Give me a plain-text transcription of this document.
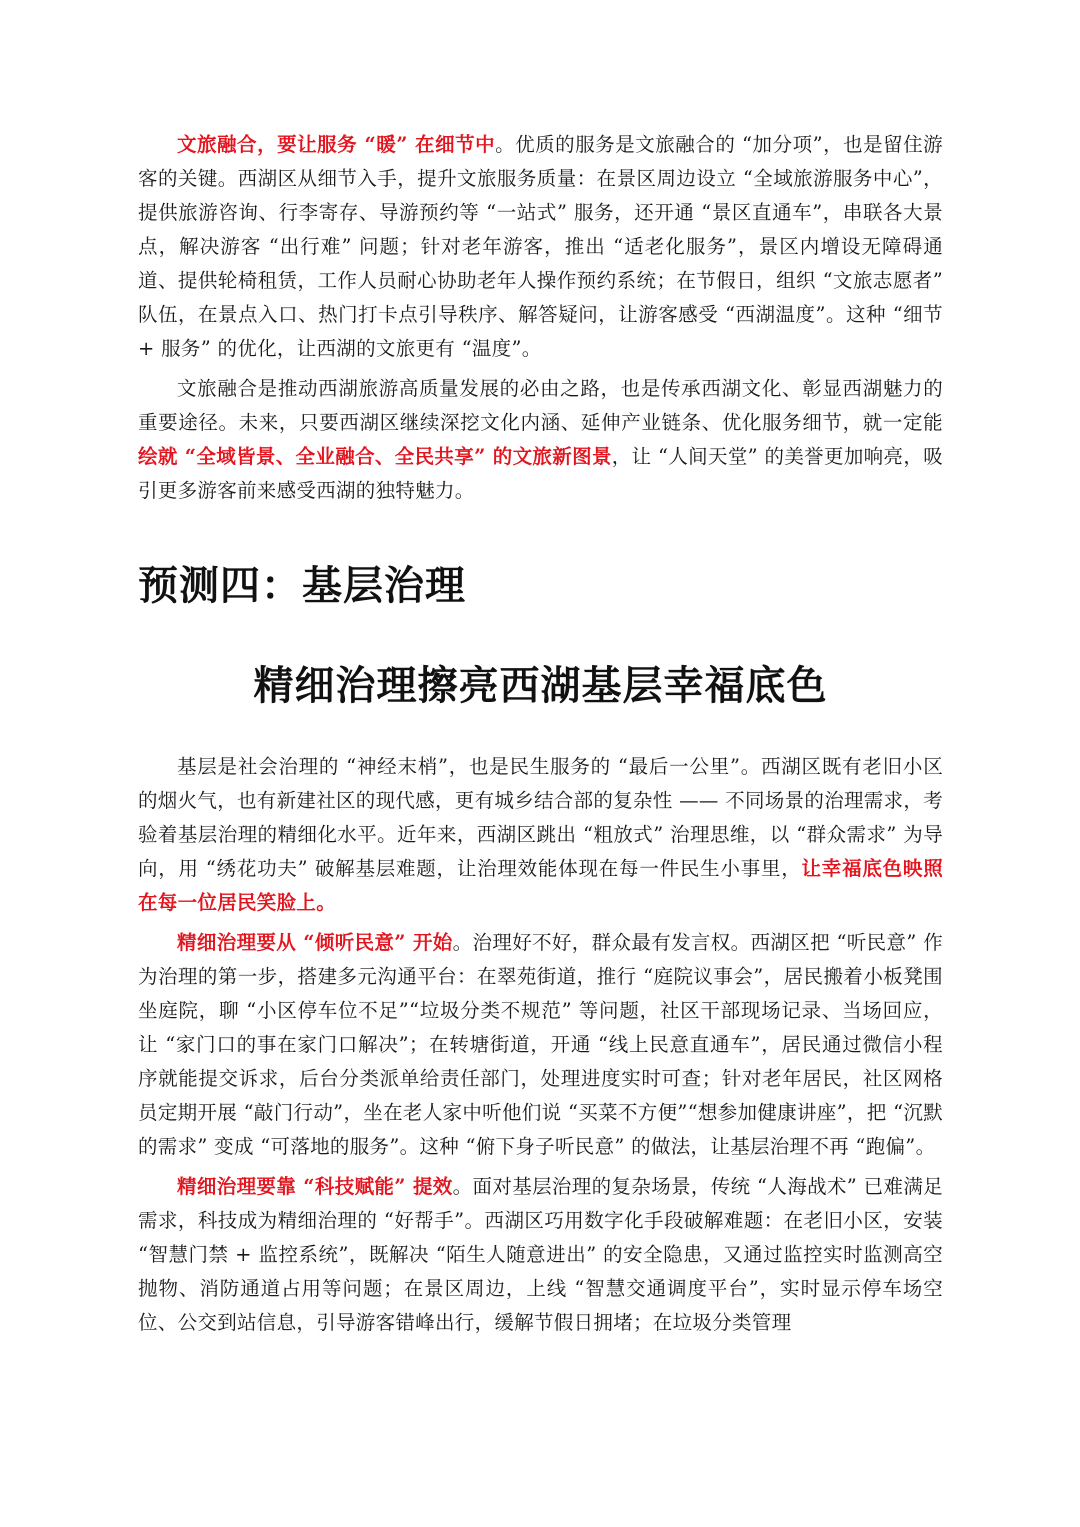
文旅融合，要让服务 “暖” 在细节中。优质的服务是文旅融合的 “加分项”，也是留住游客的关键。西湖区从细节入手，提升文旅服务质量：在景区周边设立 “全域旅游服务中心”，提供旅游咨询、行李寄存、导游预约等 “一站式” 服务，还开通 “景区直通车”，串联各大景点，解决游客 “出行难” 问题；针对老年游客，推出 “适老化服务”，景区内增设无障碍通道、提供轮椅租赁，工作人员耐心协助老年人操作预约系统；在节假日，组织 “文旅志愿者” 队伍，在景点入口、热门打卡点引导秩序、解答疑问，让游客感受 “西湖温度”。这种 “细节 + 服务” 的优化，让西湖的文旅更有 “温度”。

文旅融合是推动西湖旅游高质量发展的必由之路，也是传承西湖文化、彰显西湖魅力的重要途径。未来，只要西湖区继续深挖文化内涵、延伸产业链条、优化服务细节，就一定能绘就 “全域皆景、全业融合、全民共享” 的文旅新图景，让 “人间天堂” 的美誉更加响亮，吸引更多游客前来感受西湖的独特魅力。

预测四：基层治理
精细治理擦亮西湖基层幸福底色

基层是社会治理的 “神经末梢”，也是民生服务的 “最后一公里”。西湖区既有老旧小区的烟火气，也有新建社区的现代感，更有城乡结合部的复杂性 —— 不同场景的治理需求，考验着基层治理的精细化水平。近年来，西湖区跳出 “粗放式” 治理思维，以 “群众需求” 为导向，用 “绣花功夫” 破解基层难题，让治理效能体现在每一件民生小事里，让幸福底色映照在每一位居民笑脸上。

精细治理要从 “倾听民意” 开始。治理好不好，群众最有发言权。西湖区把 “听民意” 作为治理的第一步，搭建多元沟通平台：在翠苑街道，推行 “庭院议事会”，居民搬着小板凳围坐庭院，聊 “小区停车位不足”“垃圾分类不规范” 等问题，社区干部现场记录、当场回应，让 “家门口的事在家门口解决”；在转塘街道，开通 “线上民意直通车”，居民通过微信小程序就能提交诉求，后台分类派单给责任部门，处理进度实时可查；针对老年居民，社区网格员定期开展 “敲门行动”，坐在老人家中听他们说 “买菜不方便”“想参加健康讲座”，把 “沉默的需求” 变成 “可落地的服务”。这种 “俯下身子听民意” 的做法，让基层治理不再 “跑偏”。

精细治理要靠 “科技赋能” 提效。面对基层治理的复杂场景，传统 “人海战术” 已难满足需求，科技成为精细治理的 “好帮手”。西湖区巧用数字化手段破解难题：在老旧小区，安装 “智慧门禁 + 监控系统”，既解决 “陌生人随意进出” 的安全隐患，又通过监控实时监测高空抛物、消防通道占用等问题；在景区周边，上线 “智慧交通调度平台”，实时显示停车场空位、公交到站信息，引导游客错峰出行，缓解节假日拥堵；在垃圾分类管理
